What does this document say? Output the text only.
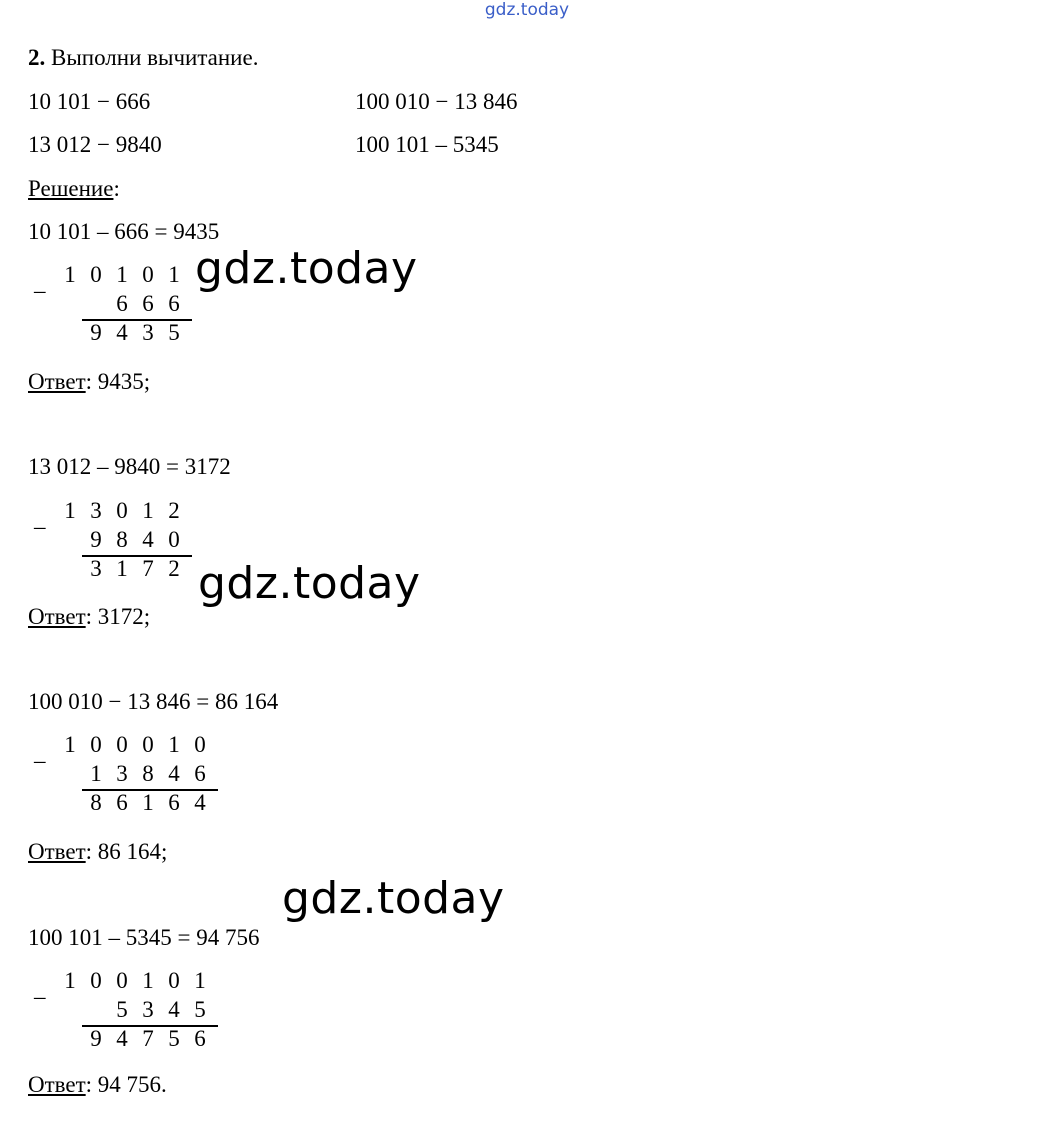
gdz.today
2. Выполни вычитание.
10 101 − 666	100 010 − 13 846
13 012 − 9840	100 101 – 5345
Решение:
10 101 – 666 = 9435
1 0 1 0 1
6 6 6
9 4 3 5
–
Ответ: 9435;
13 012 – 9840 = 3172
1 3 0 1 2
9 8 4 0
3 1 7 2
–
Ответ: 3172;
100 010 − 13 846 = 86 164
1 0 0 0 1 0
1 3 8 4 6
8 6 1 6 4
–
Ответ: 86 164;
100 101 – 5345 = 94 756
1 0 0 1 0 1
5 3 4 5
9 4 7 5 6
–
Ответ: 94 756.
gdz.today
gdz.today
gdz.today
